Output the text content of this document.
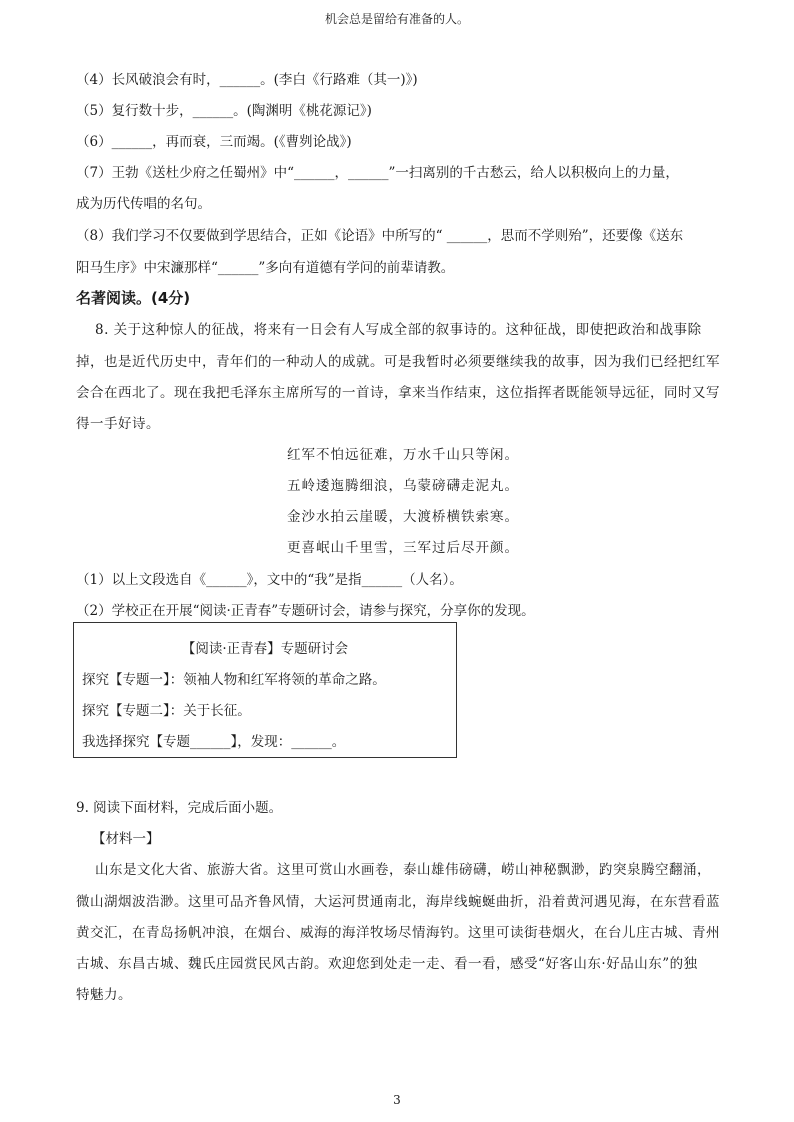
机会总是留给有准备的人。
（4）长风破浪会有时，______。(李白《行路难（其一)》)
（5）复行数十步，______。(陶渊明《桃花源记》)
（6）______，再而衰，三而竭。(《曹刿论战》)
（7）王勃《送杜少府之任蜀州》中“______，______”一扫离别的千古愁云，给人以积极向上的力量，
成为历代传唱的名句。
（8）我们学习不仅要做到学思结合，正如《论语》中所写的“ ______，思而不学则殆”，还要像《送东
阳马生序》中宋濂那样“______”多向有道德有学问的前辈请教。
名著阅读。(4分)
8. 关于这种惊人的征战，将来有一日会有人写成全部的叙事诗的。这种征战，即使把政治和战事除
掉，也是近代历史中，青年们的一种动人的成就。可是我暂时必须要继续我的故事，因为我们已经把红军
会合在西北了。现在我把毛泽东主席所写的一首诗，拿来当作结束，这位指挥者既能领导远征，同时又写
得一手好诗。
红军不怕远征难，万水千山只等闲。
五岭逶迤腾细浪，乌蒙磅礴走泥丸。
金沙水拍云崖暖，大渡桥横铁索寒。
更喜岷山千里雪，三军过后尽开颜。
（1）以上文段选自《______》，文中的“我”是指______（人名）。
（2）学校正在开展“阅读·正青春”专题研讨会，请参与探究，分享你的发现。
【阅读·正青春】专题研讨会
探究【专题一】：领袖人物和红军将领的革命之路。
探究【专题二】：关于长征。
我选择探究【专题______】，发现：______。
9. 阅读下面材料，完成后面小题。
【材料一】
山东是文化大省、旅游大省。这里可赏山水画卷，泰山雄伟磅礴，崂山神秘飘渺，趵突泉腾空翻涌，
微山湖烟波浩渺。这里可品齐鲁风情，大运河贯通南北，海岸线蜿蜒曲折，沿着黄河遇见海，在东营看蓝
黄交汇，在青岛扬帆冲浪，在烟台、威海的海洋牧场尽情海钓。这里可读街巷烟火，在台儿庄古城、青州
古城、东昌古城、魏氏庄园赏民风古韵。欢迎您到处走一走、看一看，感受“好客山东·好品山东”的独
特魅力。
3
